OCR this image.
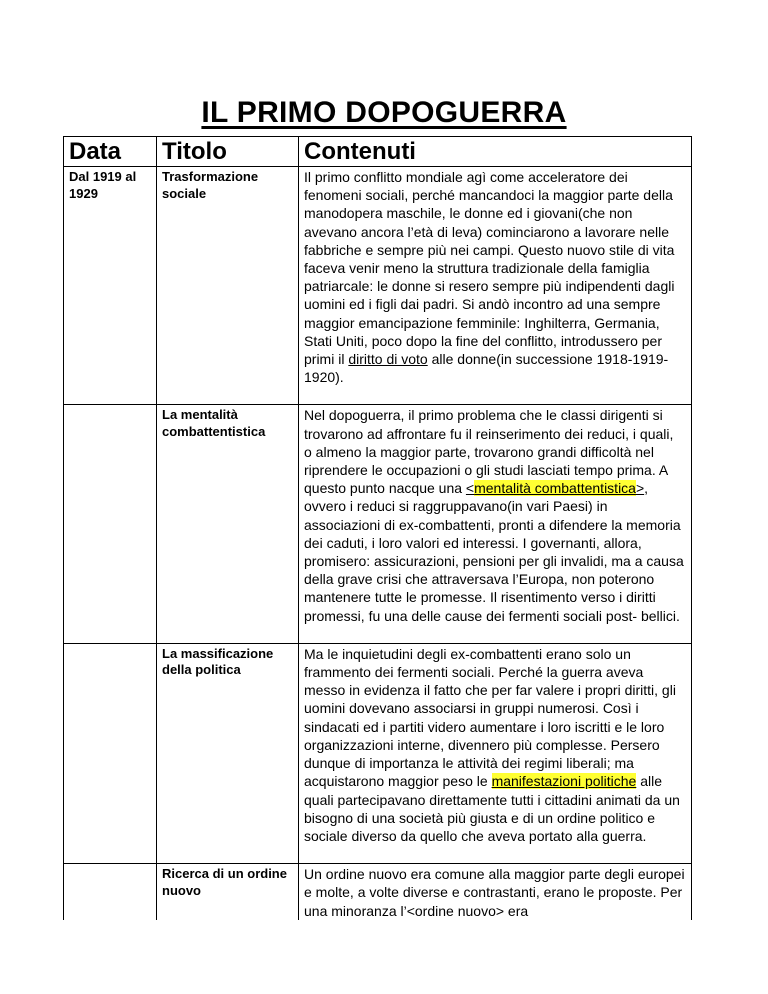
IL PRIMO DOPOGUERRA
Data	Titolo	Contenuti
Dal 1919 al 1929	Trasformazione sociale	Il primo conflitto mondiale agì come acceleratore dei fenomeni sociali, perché mancandoci la maggior parte della manodopera maschile, le donne ed i giovani(che non avevano ancora l’età di leva) cominciarono a lavorare nelle fabbriche e sempre più nei campi. Questo nuovo stile di vita faceva venir meno la struttura tradizionale della famiglia patriarcale: le donne si resero sempre più indipendenti dagli uomini ed i figli dai padri. Si andò incontro ad una sempre maggior emancipazione femminile: Inghilterra, Germania, Stati Uniti, poco dopo la fine del conflitto, introdussero per primi il diritto di voto alle donne(in successione 1918-1919-1920).
	La mentalità combattentistica	Nel dopoguerra, il primo problema che le classi dirigenti si trovarono ad affrontare fu il reinserimento dei reduci, i quali, o almeno la maggior parte, trovarono grandi difficoltà nel riprendere le occupazioni o gli studi lasciati tempo prima. A questo punto nacque una <mentalità combattentistica>, ovvero i reduci si raggruppavano(in vari Paesi) in associazioni di ex-combattenti, pronti a difendere la memoria dei caduti, i loro valori ed interessi. I governanti, allora, promisero: assicurazioni, pensioni per gli invalidi, ma a causa della grave crisi che attraversava l’Europa, non poterono mantenere tutte le promesse. Il risentimento verso i diritti promessi, fu una delle cause dei fermenti sociali post- bellici.
	La massificazione della politica	Ma le inquietudini degli ex-combattenti erano solo un frammento dei fermenti sociali. Perché la guerra aveva messo in evidenza il fatto che per far valere i propri diritti, gli uomini dovevano associarsi in gruppi numerosi. Così i sindacati ed i partiti videro aumentare i loro iscritti e le loro organizzazioni interne, divennero più complesse. Persero dunque di importanza le attività dei regimi liberali; ma acquistarono maggior peso le manifestazioni politiche alle quali partecipavano direttamente tutti i cittadini animati da un bisogno di una società più giusta e di un ordine politico e sociale diverso da quello che aveva portato alla guerra.
	Ricerca di un ordine nuovo	Un ordine nuovo era comune alla maggior parte degli europei e molte, a volte diverse e contrastanti, erano le proposte. Per una minoranza l’<ordine nuovo> era
